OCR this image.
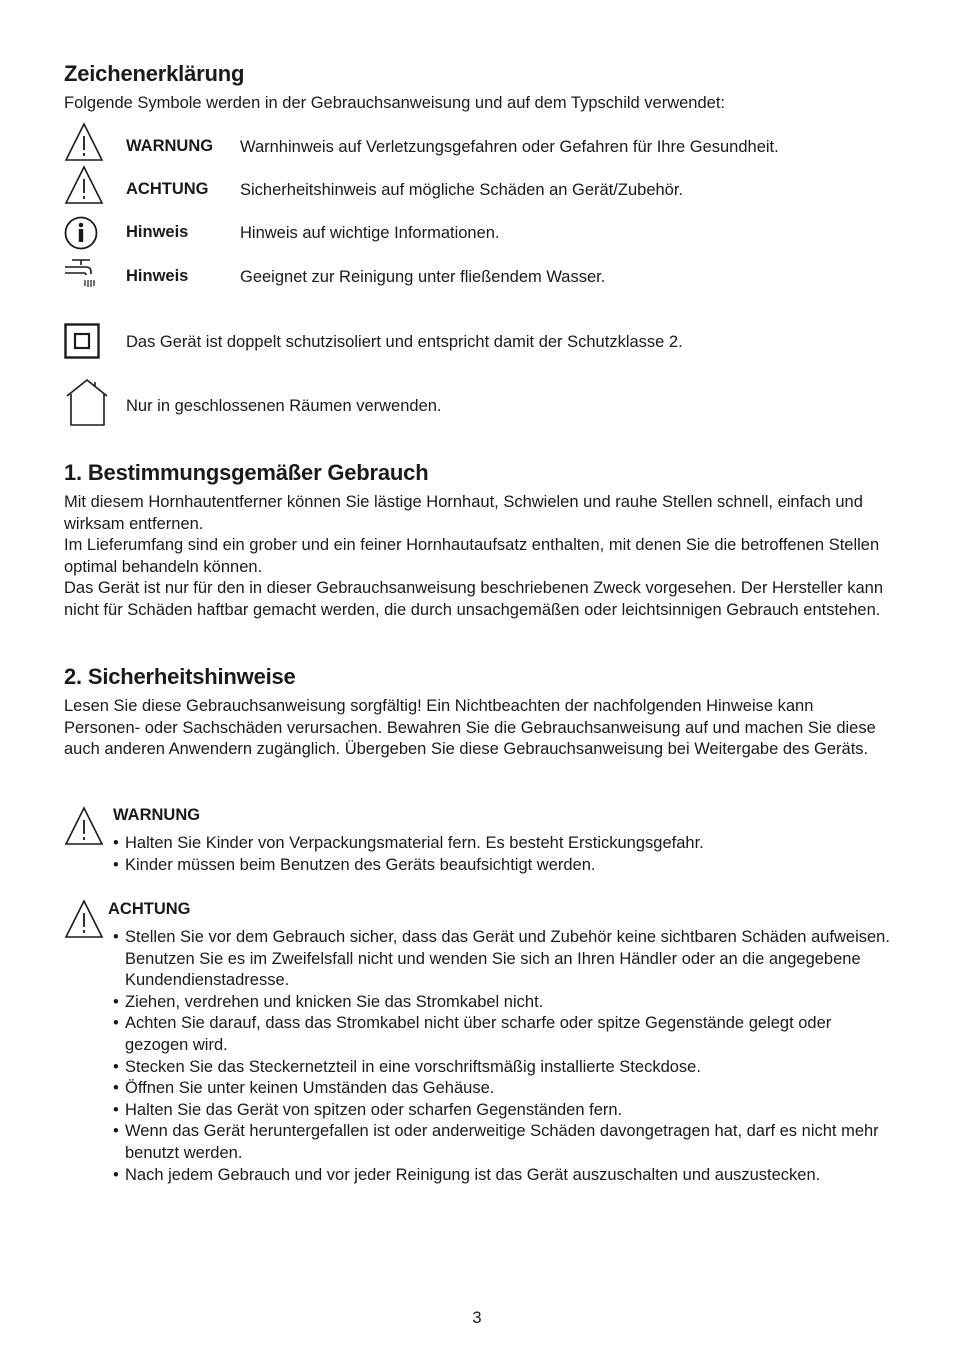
Zeichenerklärung
Folgende Symbole werden in der Gebrauchsanweisung und auf dem Typschild verwendet:
WARNUNG Warnhinweis auf Verletzungsgefahren oder Gefahren für Ihre Gesundheit.
ACHTUNG Sicherheitshinweis auf mögliche Schäden an Gerät/Zubehör.
Hinweis	Hinweis auf wichtige Informationen.
Hinweis	Geeignet zur Reinigung unter fließendem Wasser.
Das Gerät ist doppelt schutzisoliert und entspricht damit der Schutzklasse 2.
Nur in geschlossenen Räumen verwenden.
1. Bestimmungsgemäßer Gebrauch

Mit diesem Hornhautentferner können Sie lästige Hornhaut, Schwielen und rauhe Stellen schnell, einfach und wirksam entfernen.

Im Lieferumfang sind ein grober und ein feiner Hornhautaufsatz enthalten, mit denen Sie die betroffenen Stellen optimal behandeln können.

Das Gerät ist nur für den in dieser Gebrauchsanweisung beschriebenen Zweck vorgesehen. Der Hersteller kann nicht für Schäden haftbar gemacht werden, die durch unsachgemäßen oder leichtsinnigen Gebrauch entstehen.

2. Sicherheitshinweise
Lesen Sie diese Gebrauchsanweisung sorgfältig! Ein Nichtbeachten der nachfolgenden Hinweise kann Personen- oder Sachschäden verursachen. Bewahren Sie die Gebrauchsanweisung auf und machen Sie diese auch anderen Anwendern zugänglich. Übergeben Sie diese Gebrauchsanweisung bei Weitergabe des Geräts.
WARNUNG
• Halten Sie Kinder von Verpackungsmaterial fern. Es besteht Erstickungsgefahr.
• Kinder müssen beim Benutzen des Geräts beaufsichtigt werden.
ACHTUNG
• Stellen Sie vor dem Gebrauch sicher, dass das Gerät und Zubehör keine sichtbaren Schäden aufweisen. Benutzen Sie es im Zweifelsfall nicht und wenden Sie sich an Ihren Händler oder an die angegebene Kundendienstadresse.
• Ziehen, verdrehen und knicken Sie das Stromkabel nicht.
• Achten Sie darauf, dass das Stromkabel nicht über scharfe oder spitze Gegenstände gelegt oder gezogen wird.
• Stecken Sie das Steckernetzteil in eine vorschriftsmäßig installierte Steckdose.
• Öffnen Sie unter keinen Umständen das Gehäuse.
• Halten Sie das Gerät von spitzen oder scharfen Gegenständen fern.
• Wenn das Gerät heruntergefallen ist oder anderweitige Schäden davongetragen hat, darf es nicht mehr benutzt werden.
• Nach jedem Gebrauch und vor jeder Reinigung ist das Gerät auszuschalten und auszustecken.
3
